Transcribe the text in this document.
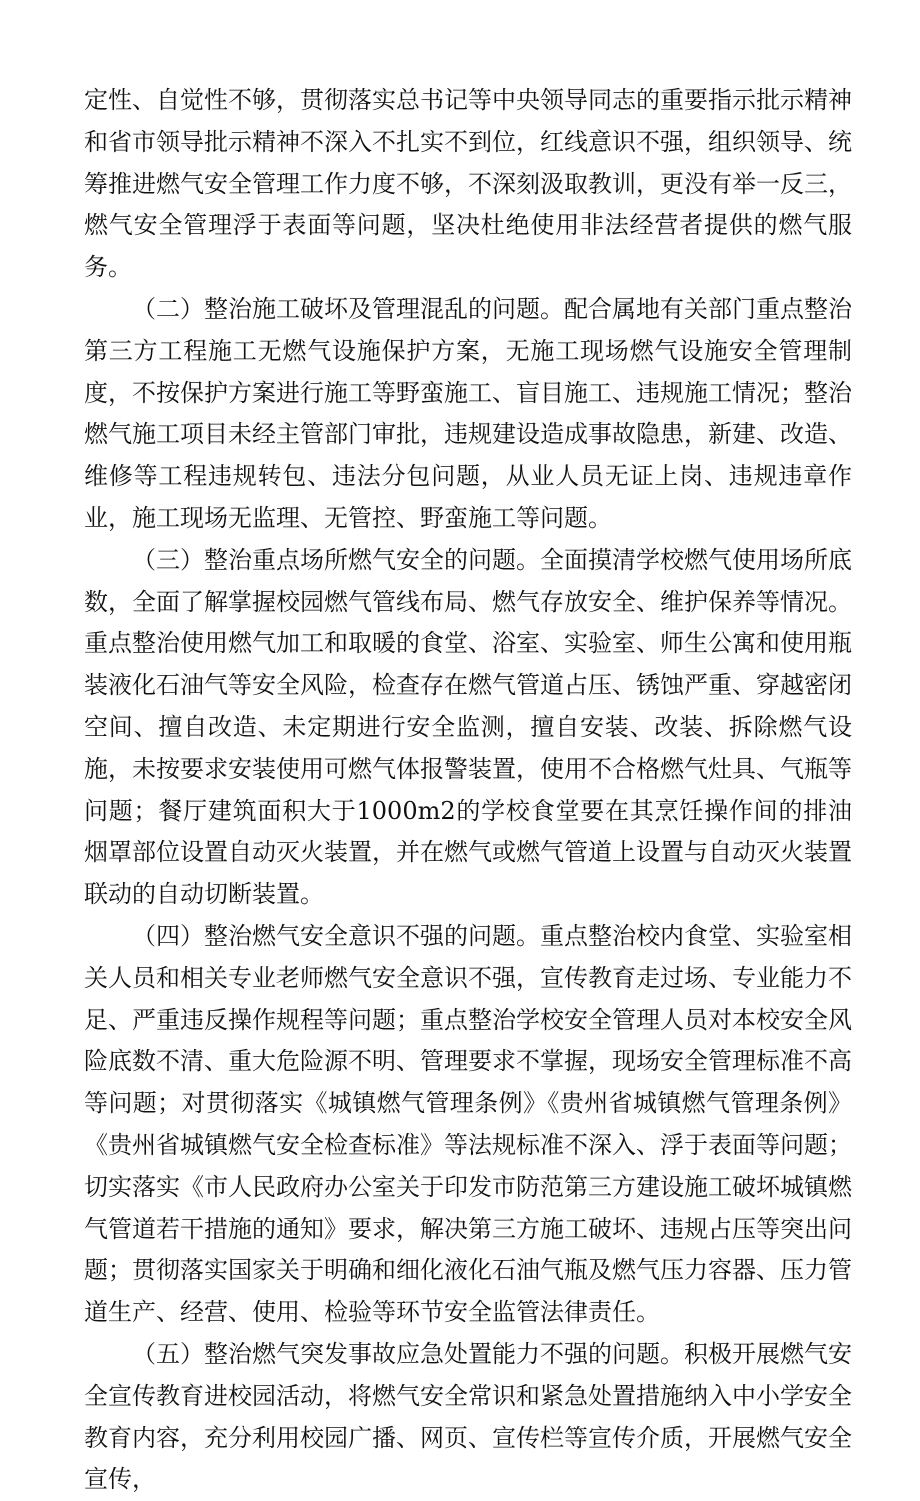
定性、自觉性不够，贯彻落实总书记等中央领导同志的重要指示批示精神和省市领导批示精神不深入不扎实不到位，红线意识不强，组织领导、统筹推进燃气安全管理工作力度不够，不深刻汲取教训，更没有举一反三，燃气安全管理浮于表面等问题，坚决杜绝使用非法经营者提供的燃气服务。

（二）整治施工破坏及管理混乱的问题。配合属地有关部门重点整治第三方工程施工无燃气设施保护方案，无施工现场燃气设施安全管理制度，不按保护方案进行施工等野蛮施工、盲目施工、违规施工情况；整治燃气施工项目未经主管部门审批，违规建设造成事故隐患，新建、改造、维修等工程违规转包、违法分包问题，从业人员无证上岗、违规违章作业，施工现场无监理、无管控、野蛮施工等问题。

（三）整治重点场所燃气安全的问题。全面摸清学校燃气使用场所底数，全面了解掌握校园燃气管线布局、燃气存放安全、维护保养等情况。重点整治使用燃气加工和取暖的食堂、浴室、实验室、师生公寓和使用瓶装液化石油气等安全风险，检查存在燃气管道占压、锈蚀严重、穿越密闭空间、擅自改造、未定期进行安全监测，擅自安装、改装、拆除燃气设施，未按要求安装使用可燃气体报警装置，使用不合格燃气灶具、气瓶等问题；餐厅建筑面积大于1000m2的学校食堂要在其烹饪操作间的排油烟罩部位设置自动灭火装置，并在燃气或燃气管道上设置与自动灭火装置联动的自动切断装置。

（四）整治燃气安全意识不强的问题。重点整治校内食堂、实验室相关人员和相关专业老师燃气安全意识不强，宣传教育走过场、专业能力不足、严重违反操作规程等问题；重点整治学校安全管理人员对本校安全风险底数不清、重大危险源不明、管理要求不掌握，现场安全管理标准不高等问题；对贯彻落实《城镇燃气管理条例》《贵州省城镇燃气管理条例》《贵州省城镇燃气安全检查标准》等法规标准不深入、浮于表面等问题；切实落实《市人民政府办公室关于印发市防范第三方建设施工破坏城镇燃气管道若干措施的通知》要求，解决第三方施工破坏、违规占压等突出问题；贯彻落实国家关于明确和细化液化石油气瓶及燃气压力容器、压力管道生产、经营、使用、检验等环节安全监管法律责任。

（五）整治燃气突发事故应急处置能力不强的问题。积极开展燃气安全宣传教育进校园活动，将燃气安全常识和紧急处置措施纳入中小学安全教育内容，充分利用校园广播、网页、宣传栏等宣传介质，开展燃气安全宣传，
